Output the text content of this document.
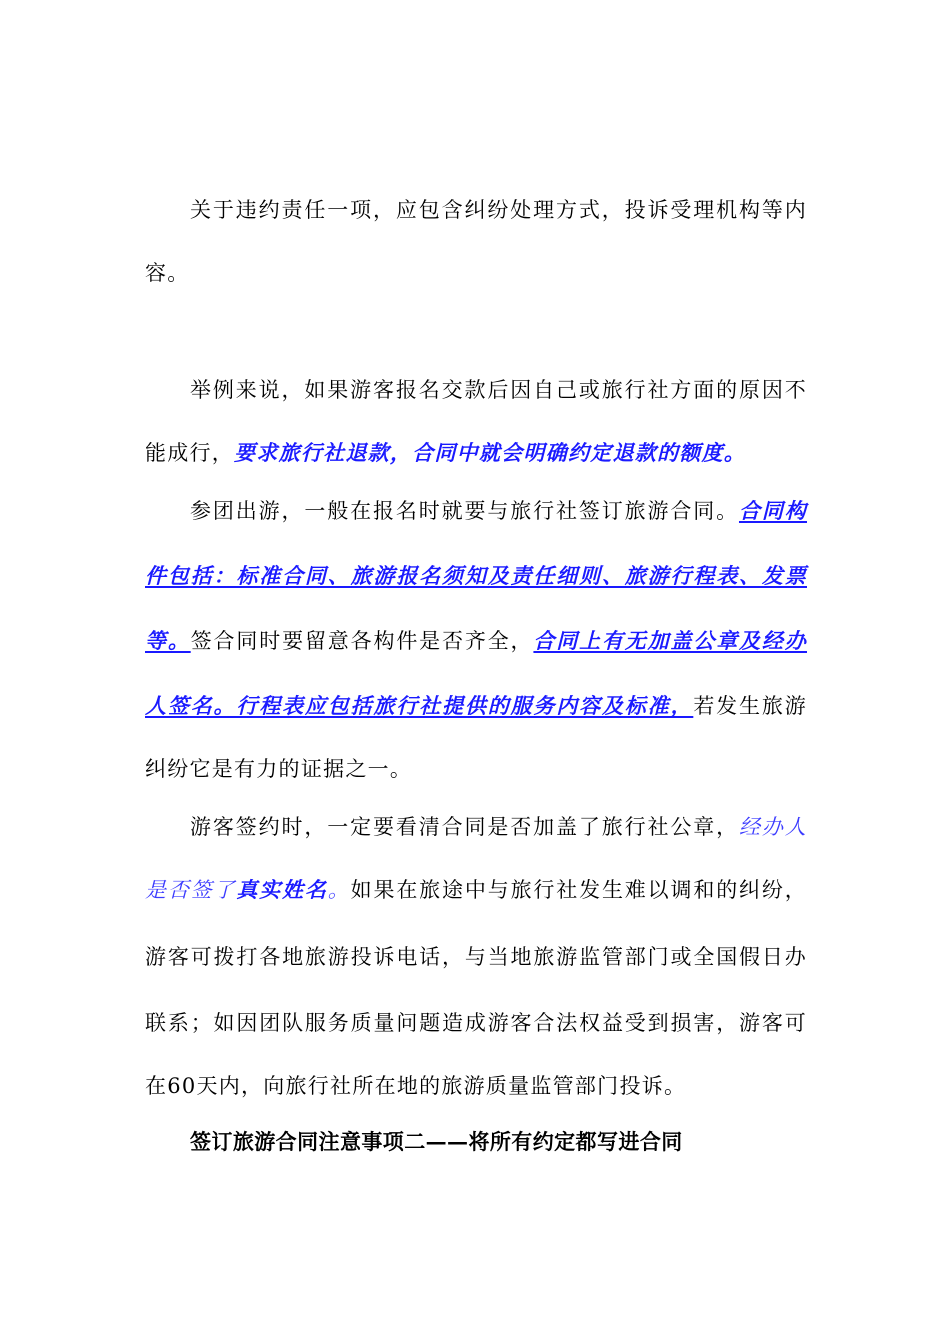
关于违约责任一项，应包含纠纷处理方式，投诉受理机构等内
容。
举例来说，如果游客报名交款后因自己或旅行社方面的原因不
能成行，要求旅行社退款，合同中就会明确约定退款的额度。
参团出游，一般在报名时就要与旅行社签订旅游合同。合同构
件包括：标准合同、旅游报名须知及责任细则、旅游行程表、发票
等。签合同时要留意各构件是否齐全，合同上有无加盖公章及经办
人签名。行程表应包括旅行社提供的服务内容及标准，若发生旅游
纠纷它是有力的证据之一。
游客签约时，一定要看清合同是否加盖了旅行社公章，经办人
是否签了真实姓名。如果在旅途中与旅行社发生难以调和的纠纷，
游客可拨打各地旅游投诉电话，与当地旅游监管部门或全国假日办
联系；如因团队服务质量问题造成游客合法权益受到损害，游客可
在60天内，向旅行社所在地的旅游质量监管部门投诉。
签订旅游合同注意事项二——将所有约定都写进合同
